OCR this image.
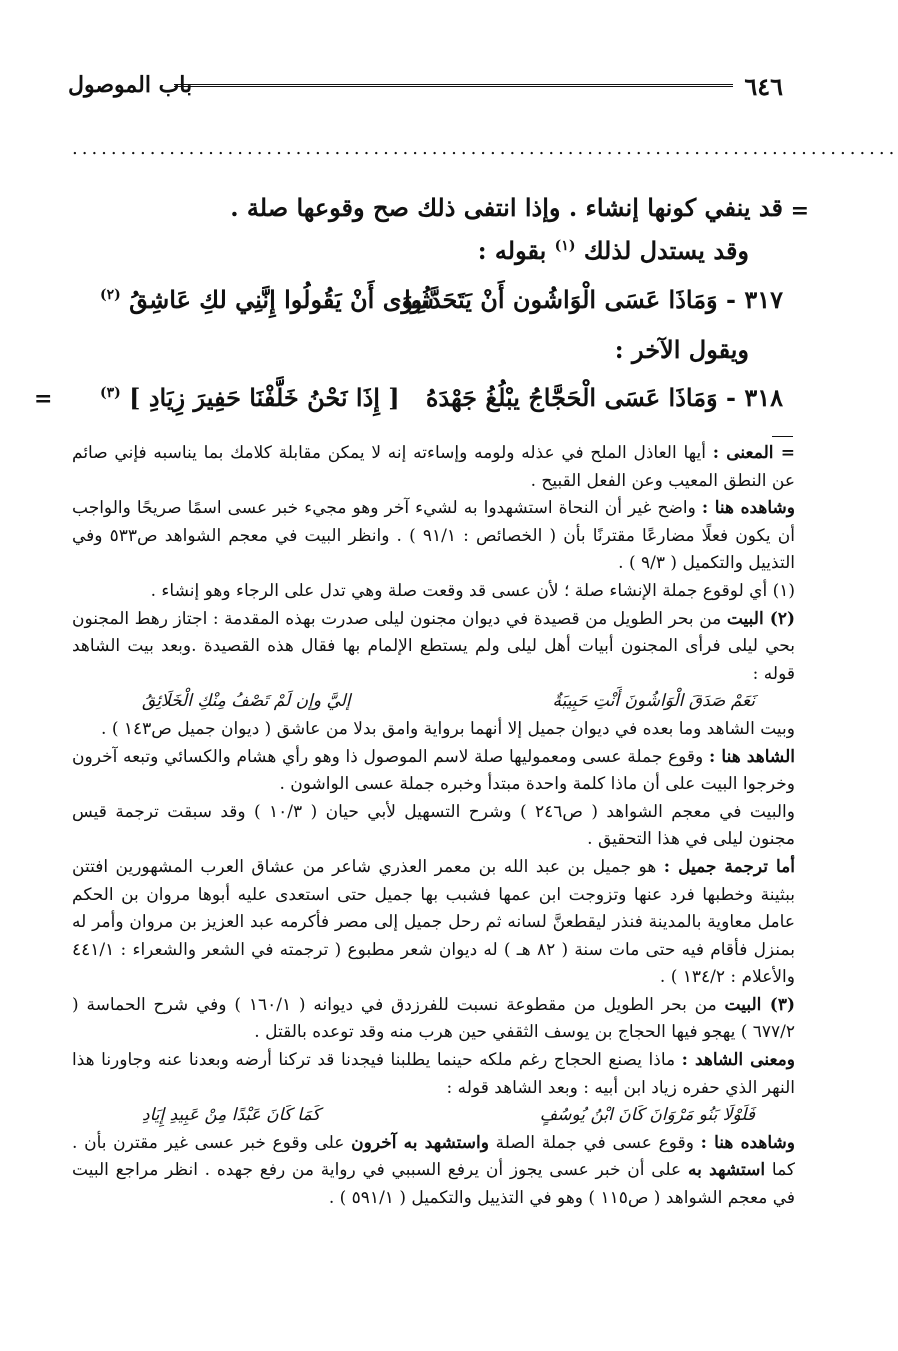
٦٤٦
باب الموصول
.....................................................................................
=
قد ينفي كونها إنشاء . وإذا انتفى ذلك صح وقوعها صلة .
وقد يستدل لذلك $^{(١)}$ بقوله :
٣١٧ - وَمَاذَا عَسَى الْوَاشُون أَنْ يَتَحَدَّثُوا
سِوَى أَنْ يَقُولُوا إِنَّنِي لكِ عَاشِقُ $^{(٢)}$
ويقول الآخر :
٣١٨ - وَمَاذَا عَسَى الْحَجَّاجُ يبْلُغُ جَهْدَهُ
[ إِذَا نَحْنُ خَلَّفْنَا حَفِيرَ زِيَادِ ] $^{(٣)}$
=

= المعنى : أيها العاذل الملح في عذله ولومه وإساءته إنه لا يمكن مقابلة كلامك بما يناسبه فإني صائم عن النطق المعيب وعن الفعل القبيح .

وشاهده هنا : واضح غير أن النحاة استشهدوا به لشيء آخر وهو مجيء خبر عسى اسمًا صريحًا والواجب أن يكون فعلًا مضارعًا مقترنًا بأن ( الخصائص : ٩١/١ ) . وانظر البيت في معجم الشواهد ص٥٣٣ وفي التذييل والتكميل ( ٩/٣ ) .

(١) أي لوقوع جملة الإنشاء صلة ؛ لأن عسى قد وقعت صلة وهي تدل على الرجاء وهو إنشاء .

(٢) البيت من بحر الطويل من قصيدة في ديوان مجنون ليلى صدرت بهذه المقدمة : اجتاز رهط المجنون بحي ليلى فرأى المجنون أبيات أهل ليلى ولم يستطع الإلمام بها فقال هذه القصيدة .وبعد بيت الشاهد قوله :

نَعَمْ صَدَقَ الْوَاشُونَ أَنْتِ حَبِيبَةٌ
إليَّ وإن لَمْ تَصْفُ مِنْكِ الْخَلَائِقُ

وبيت الشاهد وما بعده في ديوان جميل إلا أنهما برواية وامق بدلا من عاشق ( ديوان جميل ص١٤٣ ) .

الشاهد هنا : وقوع جملة عسى ومعموليها صلة لاسم الموصول ذا وهو رأي هشام والكسائي وتبعه آخرون وخرجوا البيت على أن ماذا كلمة واحدة مبتدأ وخبره جملة عسى الواشون .

والبيت في معجم الشواهد ( ص٢٤٦ ) وشرح التسهيل لأبي حيان ( ١٠/٣ ) وقد سبقت ترجمة قيس مجنون ليلى في هذا التحقيق .

أما ترجمة جميل : هو جميل بن عبد الله بن معمر العذري شاعر من عشاق العرب المشهورين افتتن ببثينة وخطبها فرد عنها وتزوجت ابن عمها فشبب بها جميل حتى استعدى عليه أبوها مروان بن الحكم عامل معاوية بالمدينة فنذر ليقطعنَّ لسانه ثم رحل جميل إلى مصر فأكرمه عبد العزيز بن مروان وأمر له بمنزل فأقام فيه حتى مات سنة ( ٨٢ هـ ) له ديوان شعر مطبوع ( ترجمته في الشعر والشعراء : ٤٤١/١ والأعلام : ١٣٤/٢ ) .

(٣) البيت من بحر الطويل من مقطوعة نسبت للفرزدق في ديوانه ( ١٦٠/١ ) وفي شرح الحماسة ( ٦٧٧/٢ ) يهجو فيها الحجاج بن يوسف الثقفي حين هرب منه وقد توعده بالقتل .

ومعنى الشاهد : ماذا يصنع الحجاج رغم ملكه حينما يطلبنا فيجدنا قد تركنا أرضه وبعدنا عنه وجاورنا هذا النهر الذي حفره زياد ابن أبيه : وبعد الشاهد قوله :

فَلَوْلَا بَنُو مَرْوَانَ كَانَ ابْنُ يُوسُفٍ
كَمَا كَانَ عَبْدًا مِنْ عَبِيدِ إِيَادِ

وشاهده هنا : وقوع عسى في جملة الصلة واستشهد به آخرون على وقوع خبر عسى غير مقترن بأن . كما استشهد به على أن خبر عسى يجوز أن يرفع السببي في رواية من رفع جهده . انظر مراجع البيت في معجم الشواهد ( ص١١٥ ) وهو في التذييل والتكميل ( ٥٩١/١ ) .
